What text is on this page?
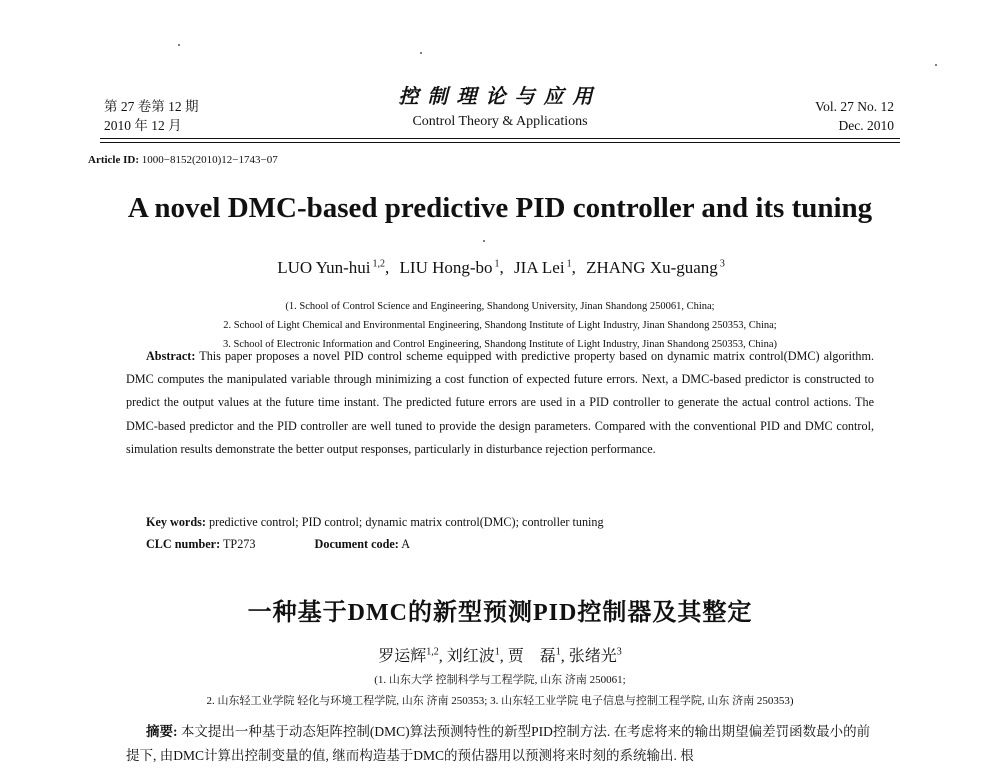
第 27 卷第 12 期
2010 年 12 月
控制理论与应用
Control Theory & Applications
Vol. 27 No. 12
Dec. 2010
Article ID: 1000−8152(2010)12−1743−07
A novel DMC-based predictive PID controller and its tuning
LUO Yun-hui $^{1,2}$, LIU Hong-bo $^1$, JIA Lei $^1$, ZHANG Xu-guang $^3$
(1. School of Control Science and Engineering, Shandong University, Jinan Shandong 250061, China;
2. School of Light Chemical and Environmental Engineering, Shandong Institute of Light Industry, Jinan Shandong 250353, China;
3. School of Electronic Information and Control Engineering, Shandong Institute of Light Industry, Jinan Shandong 250353, China)
Abstract: This paper proposes a novel PID control scheme equipped with predictive property based on dynamic matrix control(DMC) algorithm. DMC computes the manipulated variable through minimizing a cost function of expected future errors. Next, a DMC-based predictor is constructed to predict the output values at the future time instant. The predicted future errors are used in a PID controller to generate the actual control actions. The DMC-based predictor and the PID controller are well tuned to provide the design parameters. Compared with the conventional PID and DMC control, simulation results demonstrate the better output responses, particularly in disturbance rejection performance.
Key words: predictive control; PID control; dynamic matrix control(DMC); controller tuning
CLC number: TP273	Document code: A
一种基于DMC的新型预测PID控制器及其整定
罗运辉$^{1,2}$, 刘红波$^1$, 贾　磊$^1$, 张绪光$^3$
(1. 山东大学 控制科学与工程学院, 山东 济南 250061;
2. 山东轻工业学院 轻化与环境工程学院, 山东 济南 250353; 3. 山东轻工业学院 电子信息与控制工程学院, 山东 济南 250353)
摘要: 本文提出一种基于动态矩阵控制(DMC)算法预测特性的新型PID控制方法. 在考虑将来的输出期望偏差罚函数最小的前提下, 由DMC计算出控制变量的值, 继而构造基于DMC的预估器用以预测将来时刻的系统输出. 根
